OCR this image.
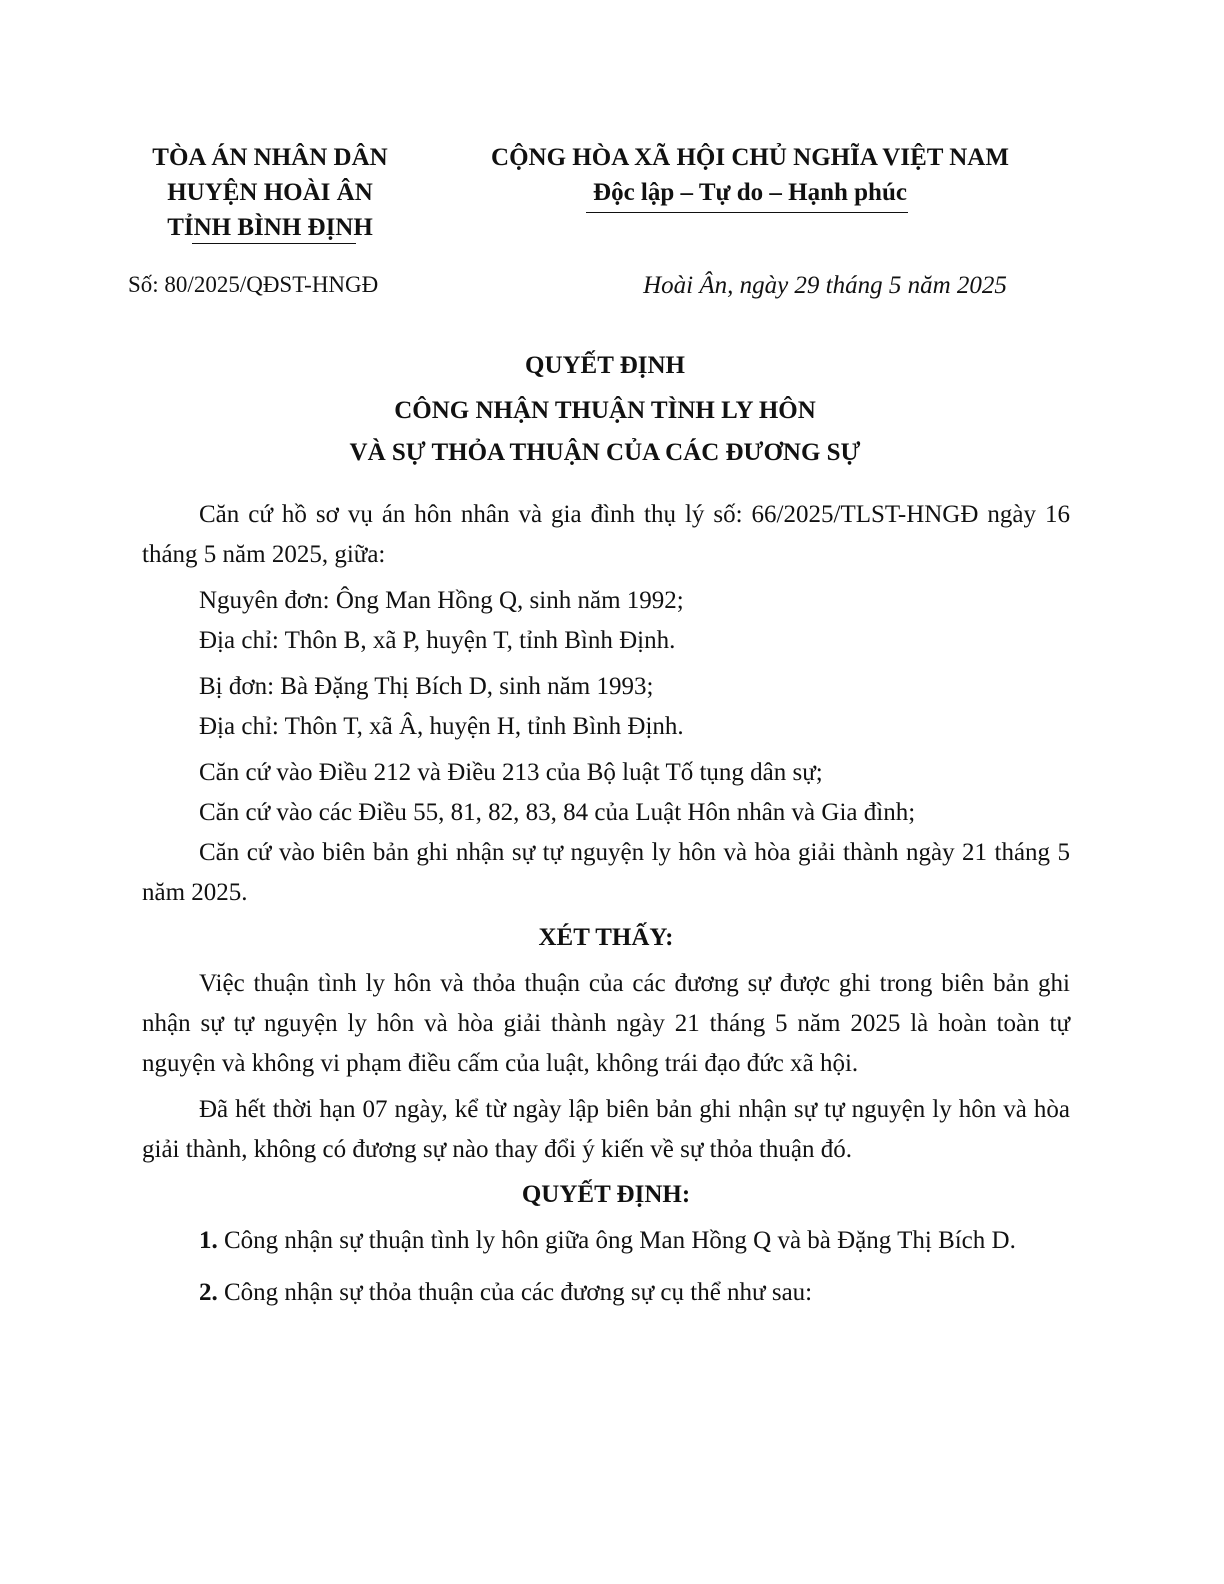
TÒA ÁN NHÂN DÂN
HUYỆN HOÀI ÂN
TỈNH BÌNH ĐỊNH
CỘNG HÒA XÃ HỘI CHỦ NGHĨA VIỆT NAM
Độc lập – Tự do – Hạnh phúc
Số: 80/2025/QĐST-HNGĐ	Hoài Ân, ngày 29 tháng 5 năm 2025
QUYẾT ĐỊNH
CÔNG NHẬN THUẬN TÌNH LY HÔN
VÀ SỰ THỎA THUẬN CỦA CÁC ĐƯƠNG SỰ

Căn cứ hồ sơ vụ án hôn nhân và gia đình thụ lý số: 66/2025/TLST-HNGĐ ngày 16 tháng 5 năm 2025, giữa:

Nguyên đơn: Ông Man Hồng Q, sinh năm 1992;

Địa chỉ: Thôn B, xã P, huyện T, tỉnh Bình Định.

Bị đơn: Bà Đặng Thị Bích D, sinh năm 1993;

Địa chỉ: Thôn T, xã Â, huyện H, tỉnh Bình Định.

Căn cứ vào Điều 212 và Điều 213 của Bộ luật Tố tụng dân sự;

Căn cứ vào các Điều 55, 81, 82, 83, 84 của Luật Hôn nhân và Gia đình;

Căn cứ vào biên bản ghi nhận sự tự nguyện ly hôn và hòa giải thành ngày 21 tháng 5 năm 2025.

XÉT THẤY:

Việc thuận tình ly hôn và thỏa thuận của các đương sự được ghi trong biên bản ghi nhận sự tự nguyện ly hôn và hòa giải thành ngày 21 tháng 5 năm 2025 là hoàn toàn tự nguyện và không vi phạm điều cấm của luật, không trái đạo đức xã hội.

Đã hết thời hạn 07 ngày, kể từ ngày lập biên bản ghi nhận sự tự nguyện ly hôn và hòa giải thành, không có đương sự nào thay đổi ý kiến về sự thỏa thuận đó.

QUYẾT ĐỊNH:

1. Công nhận sự thuận tình ly hôn giữa ông Man Hồng Q và bà Đặng Thị Bích D.

2. Công nhận sự thỏa thuận của các đương sự cụ thể như sau:
